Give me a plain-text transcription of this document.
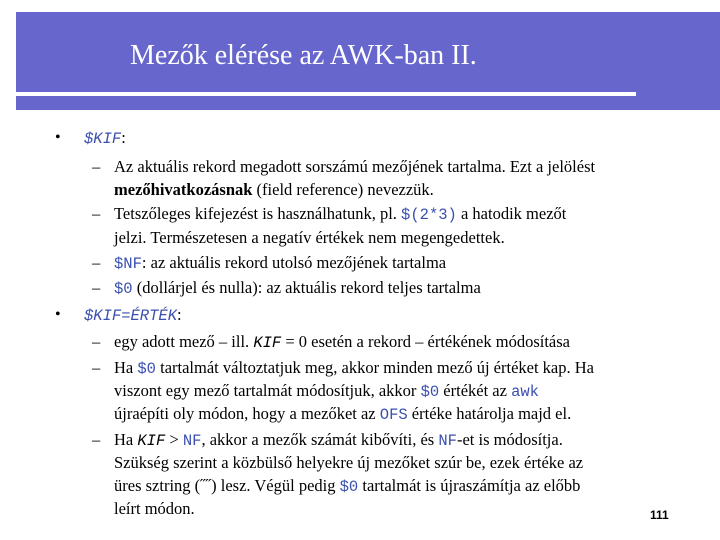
Mezők elérése az AWK-ban II.
• $KIF:
– Az aktuális rekord megadott sorszámú mezőjének tartalma. Ezt a jelölést
mezőhivatkozásnak (field reference) nevezzük.
– Tetszőleges kifejezést is használhatunk, pl. $(2*3) a hatodik mezőt
jelzi. Természetesen a negatív értékek nem megengedettek.
– $NF: az aktuális rekord utolsó mezőjének tartalma
– $0 (dollárjel és nulla): az aktuális rekord teljes tartalma
• $KIF=ÉRTÉK:
– egy adott mező – ill. KIF = 0 esetén a rekord – értékének módosítása
– Ha $0 tartalmát változtatjuk meg, akkor minden mező új értéket kap. Ha
viszont egy mező tartalmát módosítjuk, akkor $0 értékét az awk
újraépíti oly módon, hogy a mezőket az OFS értéke határolja majd el.
– Ha KIF > NF, akkor a mezők számát kibővíti, és NF-et is módosítja.
Szükség szerint a közbülső helyekre új mezőket szúr be, ezek értéke az
üres sztring (˝˝) lesz. Végül pedig $0 tartalmát is újraszámítja az előbb
leírt módon.	111
